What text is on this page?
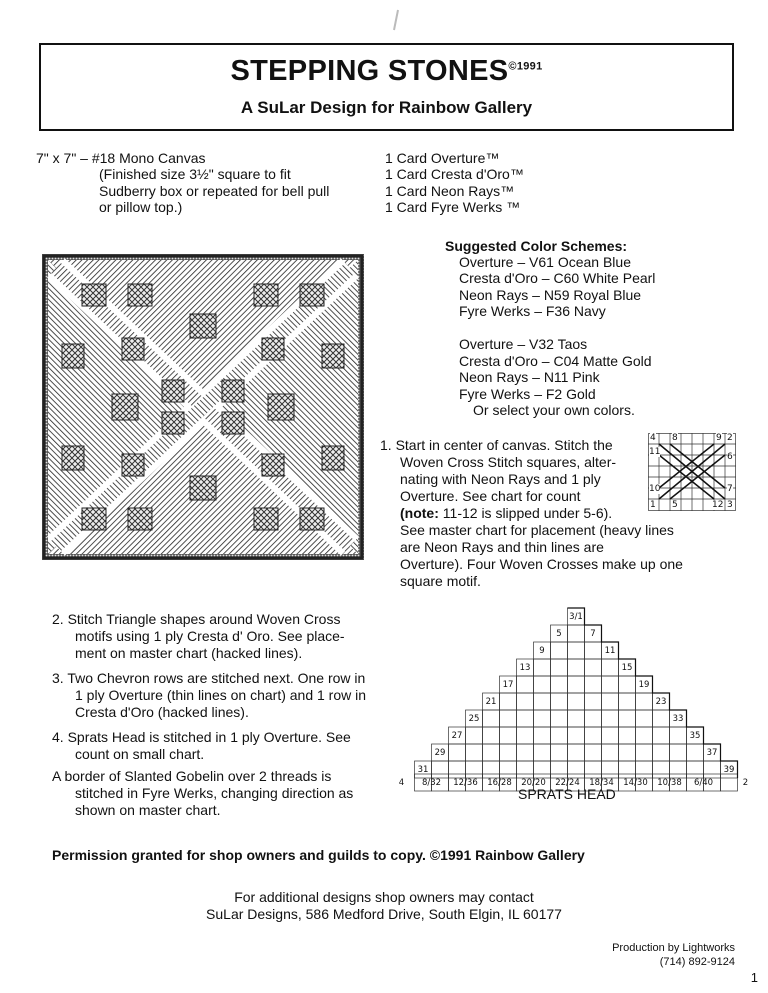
STEPPING $STONES^{©1991}$
A SuLar Design for Rainbow Gallery
7" x 7" – #18 Mono Canvas
(Finished size 3½" square to fit
Sudberry box or repeated for bell pull
or pillow top.)
1 Card Overture™
1 Card Cresta d'Oro™
1 Card Neon Rays™
1 Card Fyre Werks ™
Suggested Color Schemes:
Overture – V61 Ocean Blue
Cresta d'Oro – C60 White Pearl
Neon Rays – N59 Royal Blue
Fyre Werks – F36 Navy
Overture – V32 Taos
Cresta d'Oro – C04 Matte Gold
Neon Rays – N11 Pink
Fyre Werks – F2 Gold
Or select your own colors.
4 8	9 2
11	6
10	7
1 5	12 3
1. Start in center of canvas. Stitch the
Woven Cross Stitch squares, alter-
nating with Neon Rays and 1 ply
Overture. See chart for count
(note: 11-12 is slipped under 5-6).
See master chart for placement (heavy lines
are Neon Rays and thin lines are
Overture). Four Woven Crosses make up one
square motif.
2. Stitch Triangle shapes around Woven Cross
motifs using 1 ply Cresta d' Oro. See place-
ment on master chart (hacked lines).
3. Two Chevron rows are stitched next. One row in
1 ply Overture (thin lines on chart) and 1 row in
Cresta d'Oro (hacked lines).
4. Sprats Head is stitched in 1 ply Overture. See
count on small chart.
A border of Slanted Gobelin over 2 threads is
stitched in Fyre Werks, changing direction as
shown on master chart.
3/1
5	7
9	11
13	15
17	19
21	23
25	33
27	35
29	37
31	39
4 8/32 12/36 16/28 20/20 22/24 18/34 14/30 10/38 6/40	2
SPRATS HEAD
Permission granted for shop owners and guilds to copy. ©1991 Rainbow Gallery
For additional designs shop owners may contact
SuLar Designs, 586 Medford Drive, South Elgin, IL 60177
Production by Lightworks
(714) 892-9124
1
